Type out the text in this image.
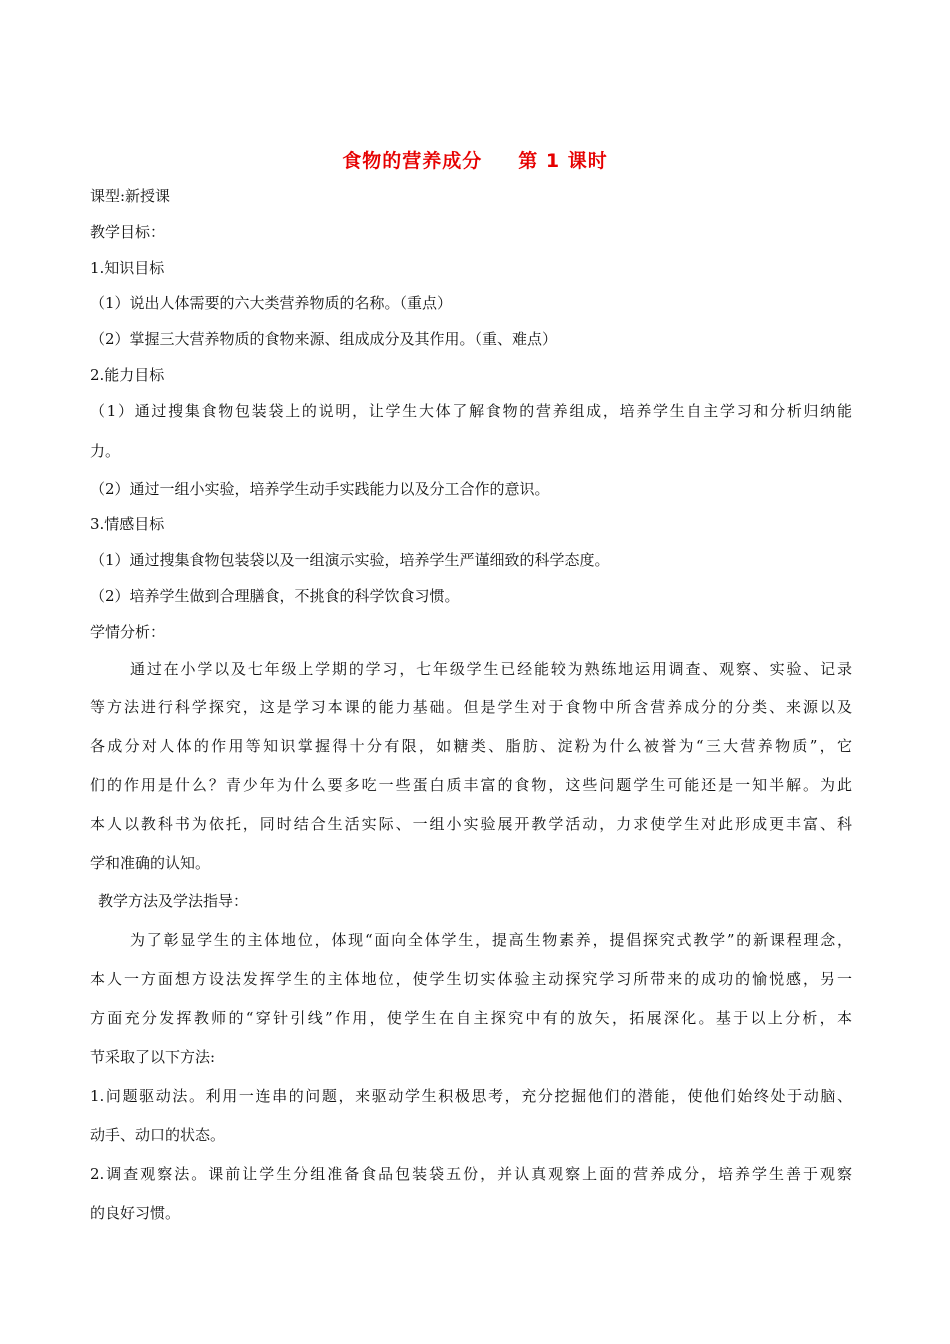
食物的营养成分 第 1 课时
课型:新授课
教学目标：
1.知识目标
（1）说出人体需要的六大类营养物质的名称。（重点）
（2）掌握三大营养物质的食物来源、组成成分及其作用。（重、难点）
2.能力目标
（1）通过搜集食物包装袋上的说明，让学生大体了解食物的营养组成，培养学生自主学习和分析归纳能
力。
（2）通过一组小实验，培养学生动手实践能力以及分工合作的意识。
3.情感目标
（1）通过搜集食物包装袋以及一组演示实验，培养学生严谨细致的科学态度。
（2）培养学生做到合理膳食，不挑食的科学饮食习惯。
学情分析：
通过在小学以及七年级上学期的学习，七年级学生已经能较为熟练地运用调查、观察、实验、记录
等方法进行科学探究，这是学习本课的能力基础。但是学生对于食物中所含营养成分的分类、来源以及
各成分对人体的作用等知识掌握得十分有限，如糖类、脂肪、淀粉为什么被誉为“三大营养物质”，它
们的作用是什么？青少年为什么要多吃一些蛋白质丰富的食物，这些问题学生可能还是一知半解。为此
本人以教科书为依托，同时结合生活实际、一组小实验展开教学活动，力求使学生对此形成更丰富、科
学和准确的认知。
教学方法及学法指导：
为了彰显学生的主体地位，体现“面向全体学生，提高生物素养，提倡探究式教学”的新课程理念，
本人一方面想方设法发挥学生的主体地位，使学生切实体验主动探究学习所带来的成功的愉悦感，另一
方面充分发挥教师的“穿针引线”作用，使学生在自主探究中有的放矢，拓展深化。基于以上分析，本
节采取了以下方法:
1.问题驱动法。利用一连串的问题，来驱动学生积极思考，充分挖掘他们的潜能，使他们始终处于动脑、
动手、动口的状态。
2.调查观察法。课前让学生分组准备食品包装袋五份，并认真观察上面的营养成分，培养学生善于观察
的良好习惯。
